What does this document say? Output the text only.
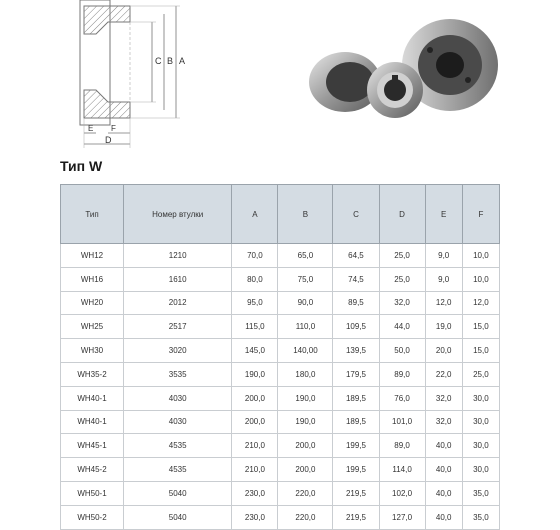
C B A
E F
D
Тип W
Тип	Номер втулки	A	B	C	D	E	F
WH12	1210	70,0	65,0	64,5	25,0	9,0	10,0
WH16	1610	80,0	75,0	74,5	25,0	9,0	10,0
WH20	2012	95,0	90,0	89,5	32,0	12,0	12,0
WH25	2517	115,0	110,0	109,5	44,0	19,0	15,0
WH30	3020	145,0	140,00	139,5	50,0	20,0	15,0
WH35-2	3535	190,0	180,0	179,5	89,0	22,0	25,0
WH40-1	4030	200,0	190,0	189,5	76,0	32,0	30,0
WH40-1	4030	200,0	190,0	189,5	101,0	32,0	30,0
WH45-1	4535	210,0	200,0	199,5	89,0	40,0	30,0
WH45-2	4535	210,0	200,0	199,5	114,0	40,0	30,0
WH50-1	5040	230,0	220,0	219,5	102,0	40,0	35,0
WH50-2	5040	230,0	220,0	219,5	127,0	40,0	35,0
